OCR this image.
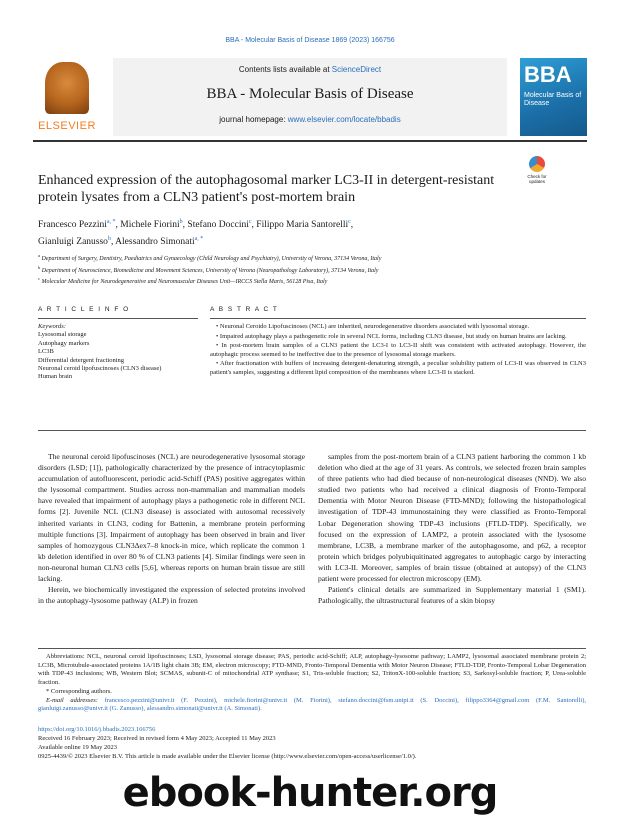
BBA - Molecular Basis of Disease 1869 (2023) 166756
ELSEVIER
Contents lists available at ScienceDirect
BBA - Molecular Basis of Disease
journal homepage: www.elsevier.com/locate/bbadis
BBA
Molecular Basis of Disease
Check for updates
Enhanced expression of the autophagosomal marker LC3-II in detergent-resistant protein lysates from a CLN3 patient's post-mortem brain
Francesco Pezzini$^{a, *}$, Michele Fiorini$^b$, Stefano Doccini$^c$, Filippo Maria Santorelli$^c$,
Gianluigi Zanusso$^b$, Alessandro Simonati$^{a, *}$
$^a$ Department of Surgery, Dentistry, Paediatrics and Gynaecology (Child Neurology and Psychiatry), University of Verona, 37134 Verona, Italy
$^b$ Department of Neuroscience, Biomedicine and Movement Sciences, University of Verona (Neuropathology Laboratory), 37134 Verona, Italy
$^c$ Molecular Medicine for Neurodegenerative and Neuromuscular Diseases Unit—IRCCS Stella Maris, 56128 Pisa, Italy
A R T I C L E I N F O	A B S T R A C T
Keywords:
Lysosomal storage
Autophagy markers
LC3B
Differential detergent fractioning
Neuronal ceroid lipofuscinoses (CLN3 disease)
Human brain

• Neuronal Ceroido Lipofuscinoses (NCL) are inherited, neurodegenerative disorders associated with lysosomal storage.

• Impaired autophagy plays a pathogenetic role in several NCL forms, including CLN3 disease, but study on human brains are lacking.

• In post-mortem brain samples of a CLN3 patient the LC3-I to LC3-II shift was consistent with activated autophagy. However, the autophagic process seemed to be ineffective due to the presence of lysosomal storage markers.

• After fractionation with buffers of increasing detergent-denaturing strength, a peculiar solubility pattern of LC3-II was observed in CLN3 patient's samples, suggesting a different lipid composition of the membranes where LC3-II is stacked.

The neuronal ceroid lipofuscinoses (NCL) are neurodegenerative lysosomal storage disorders (LSD; [1]), pathologically characterized by the presence of intracytoplasmic accumulation of autofluorescent, periodic acid-Schiff (PAS) positive aggregates within the lysosomal compartment. Studies across non-mammalian and mammalian models have revealed that impairment of autophagy plays a pathogenetic role in different NCL forms [2]. Juvenile NCL (CLN3 disease) is associated with autosomal recessively inherited variants in CLN3, coding for Battenin, a membrane protein performing multiple functions [3]. Impairment of autophagy has been observed in brain and liver samples of homozygous CLN3Δex7–8 knock-in mice, which replicate the common 1 kb deletion identified in over 80 % of CLN3 patients [4]. Similar findings were seen in non-neuronal human CLN3 cells [5,6], whereas reports on human brain tissue are still lacking.

Herein, we biochemically investigated the expression of selected proteins involved in the autophagy-lysosome pathway (ALP) in frozen

samples from the post-mortem brain of a CLN3 patient harboring the common 1 kb deletion who died at the age of 31 years. As controls, we selected frozen brain samples of three patients who had died because of non-neurological diseases (NND). We also studied two patients who had received a clinical diagnosis of Fronto-Temporal Dementia with Motor Neuron Disease (FTD-MND); following the histopathological investigation of TDP-43 immunostaining they were classified as Fronto-Temporal Lobar Degeneration showing TDP-43 inclusions (FTLD-TDP). Specifically, we focused on the expression of LAMP2, a protein associated with the lysosome membrane, LC3B, a membrane marker of the autophagosome, and p62, a receptor protein which bridges polyubiquitinated aggregates to autophagic cargo by interacting with LC3-II. Moreover, samples of brain tissue (obtained at autopsy) of the CLN3 patient were processed for electron microscopy (EM).

Patient's clinical details are summarized in Supplementary material 1 (SM1). Pathologically, the ultrastructural features of a skin biopsy

Abbreviations: NCL, neuronal ceroid lipofuscinoses; LSD, lysosomal storage disease; PAS, periodic acid-Schiff; ALP, autophagy-lysosome pathway; LAMP2, lysosomal associated membrane protein 2; LC3B, Microtubule-associated proteins 1A/1B light chain 3B; EM, electron microscopy; FTD-MND, Fronto-Temporal Dementia with Motor Neuron Disease; FTLD-TDP, Fronto-Temporal Lobar Degeneration with TDP-43 inclusions; WB, Western Blot; SCMAS, subunit-C of mitochondrial ATP synthase; S1, Tris-soluble fraction; S2, TritonX-100-soluble fraction; S3, Sarkosyl-soluble fraction; P, Urea-soluble fraction.

* Corresponding authors.

E-mail addresses: francesco.pezzini@univr.it (F. Pezzini), michele.fiorini@univr.it (M. Fiorini), stefano.doccini@fsm.unipi.it (S. Doccini), filippo3364@gmail.com (F.M. Santorelli), gianluigi.zanusso@univr.it (G. Zanusso), alessandro.simonati@univr.it (A. Simonati).

https://doi.org/10.1016/j.bbadis.2023.166756
Received 16 February 2023; Received in revised form 4 May 2023; Accepted 11 May 2023
Available online 19 May 2023
0925-4439/© 2023 Elsevier B.V. This article is made available under the Elsevier license (http://www.elsevier.com/open-access/userlicense/1.0/).
ebook-hunter.org
